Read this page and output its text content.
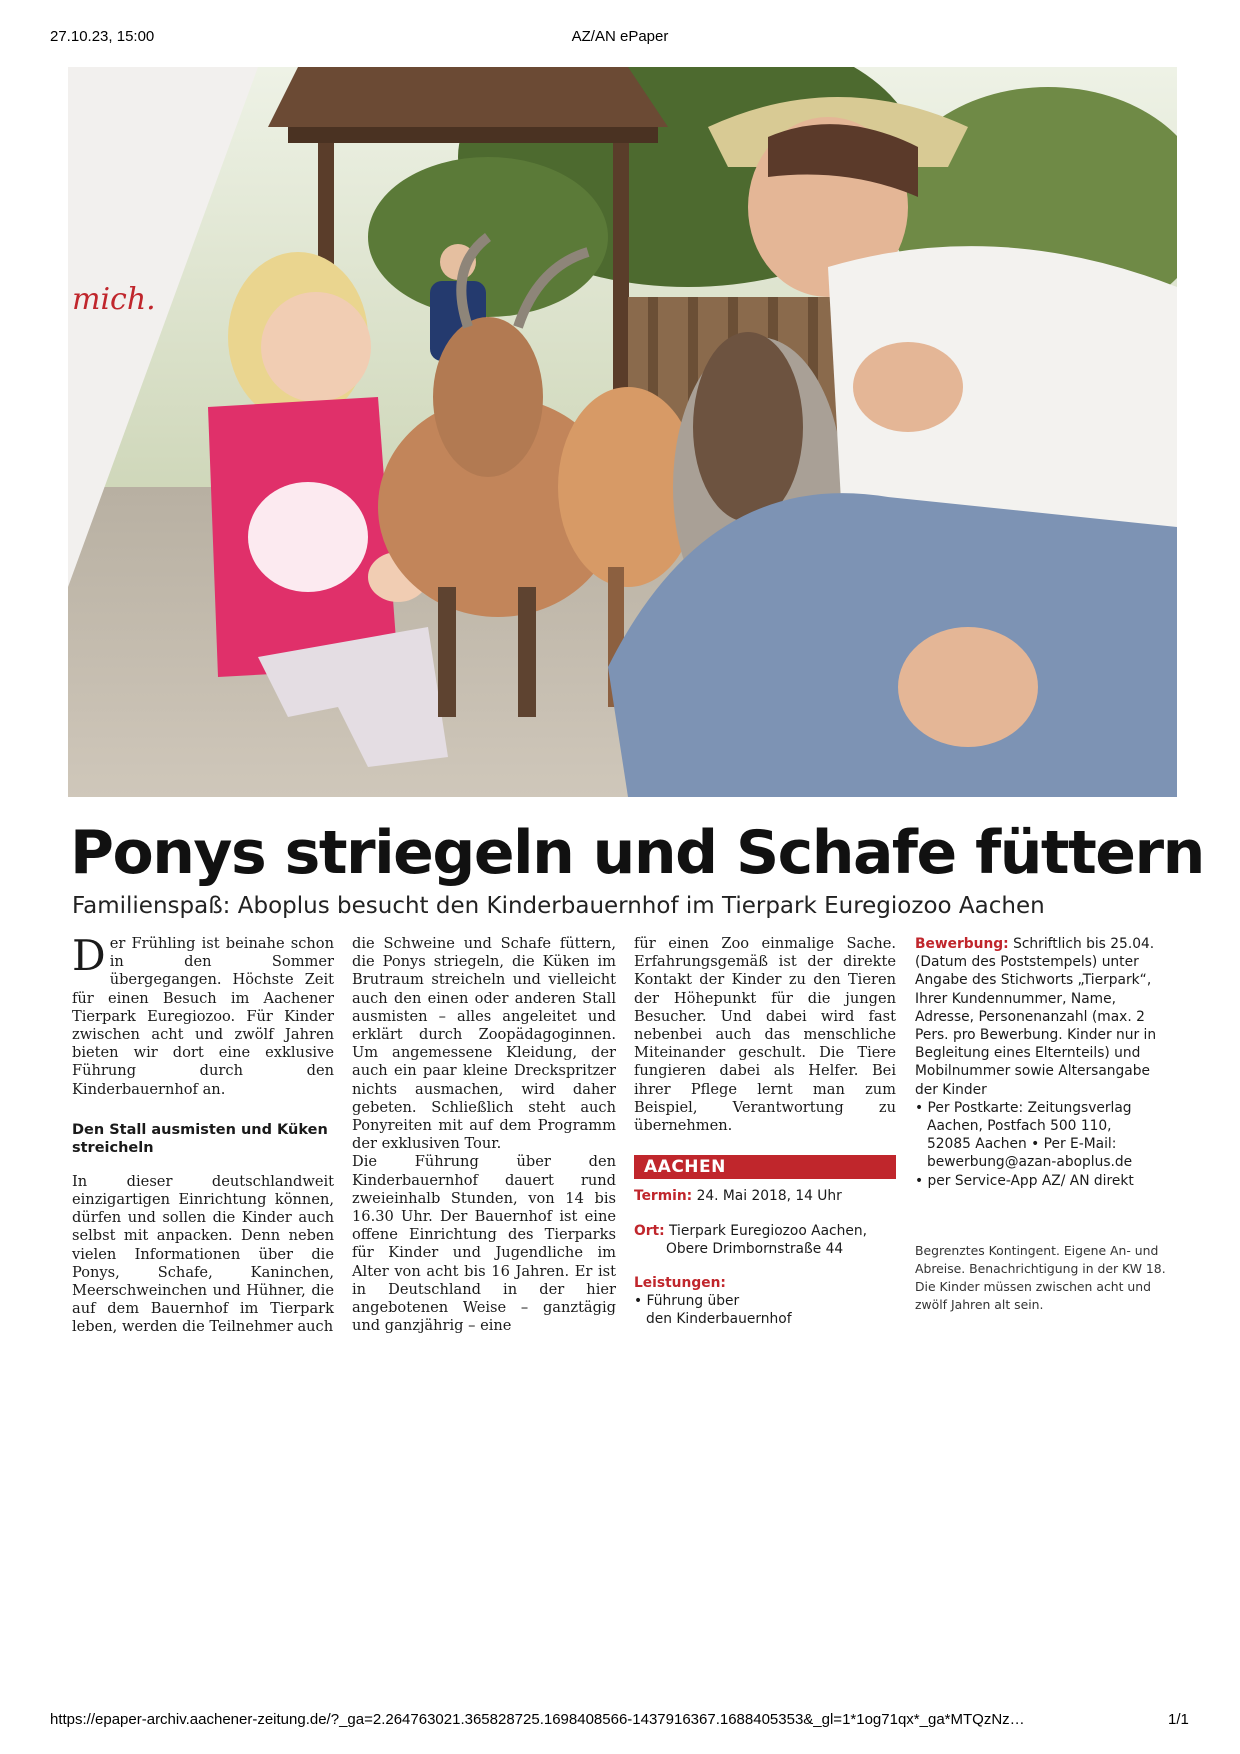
AZ/AN ePaper
27.10.23, 15:00
mich.
Ponys striegeln und Schafe füttern
Familienspaß: Aboplus besucht den Kinderbauernhof im Tierpark Euregiozoo Aachen

Der Frühling ist beinahe schon in den Sommer übergegangen. Höchste Zeit für einen Besuch im Aachener Tierpark Euregiozoo. Für Kinder zwischen acht und zwölf Jahren bieten wir dort eine exklusive Führung durch den Kinderbauernhof an.

Den Stall ausmisten und Küken streicheln

In dieser deutschlandweit einzigartigen Einrichtung können, dürfen und sollen die Kinder auch selbst mit anpacken. Denn neben vielen Informationen über die Ponys, Schafe, Kaninchen, Meerschweinchen und Hühner, die auf dem Bauernhof im Tierpark leben, werden die Teilnehmer auch

die Schweine und Schafe füttern, die Ponys striegeln, die Küken im Brutraum streicheln und vielleicht auch den einen oder anderen Stall ausmisten – alles angeleitet und erklärt durch Zoopädagoginnen. Um angemessene Kleidung, der auch ein paar kleine Dreckspritzer nichts ausmachen, wird daher gebeten. Schließlich steht auch Ponyreiten mit auf dem Programm der exklusiven Tour.

Die Führung über den Kinderbauernhof dauert rund zweieinhalb Stunden, von 14 bis 16.30 Uhr. Der Bauernhof ist eine offene Einrichtung des Tierparks für Kinder und Jugendliche im Alter von acht bis 16 Jahren. Er ist in Deutschland in der hier angebotenen Weise – ganztägig und ganzjährig – eine

für einen Zoo einmalige Sache. Erfahrungsgemäß ist der direkte Kontakt der Kinder zu den Tieren der Höhepunkt für die jungen Besucher. Und dabei wird fast nebenbei auch das menschliche Miteinander geschult. Die Tiere fungieren dabei als Helfer. Bei ihrer Pflege lernt man zum Beispiel, Verantwortung zu übernehmen.

AACHEN
Termin: 24. Mai 2018, 14 Uhr
Ort: Tierpark Euregiozoo Aachen,
Obere Drimbornstraße 44
Leistungen:
• Führung über
den Kinderbauernhof
Bewerbung: Schriftlich bis 25.04. (Datum des Poststempels) unter Angabe des Stichworts „Tierpark“, Ihrer Kundennummer, Name, Adresse, Personenanzahl (max. 2 Pers. pro Bewerbung. Kinder nur in Begleitung eines Elternteils) und Mobilnummer sowie Altersangabe der Kinder
• Per Postkarte: Zeitungsverlag
Aachen, Postfach 500 110,
52085 Aachen • Per E-Mail:
bewerbung@azan-aboplus.de
• per Service-App AZ/ AN direkt
Begrenztes Kontingent. Eigene An- und Abreise. Benachrichtigung in der KW 18. Die Kinder müssen zwischen acht und zwölf Jahren alt sein.
https://epaper-archiv.aachener-zeitung.de/?_ga=2.264763021.365828725.1698408566-1437916367.1688405353&_gl=1*1og71qx*_ga*MTQzNz…	1/1
